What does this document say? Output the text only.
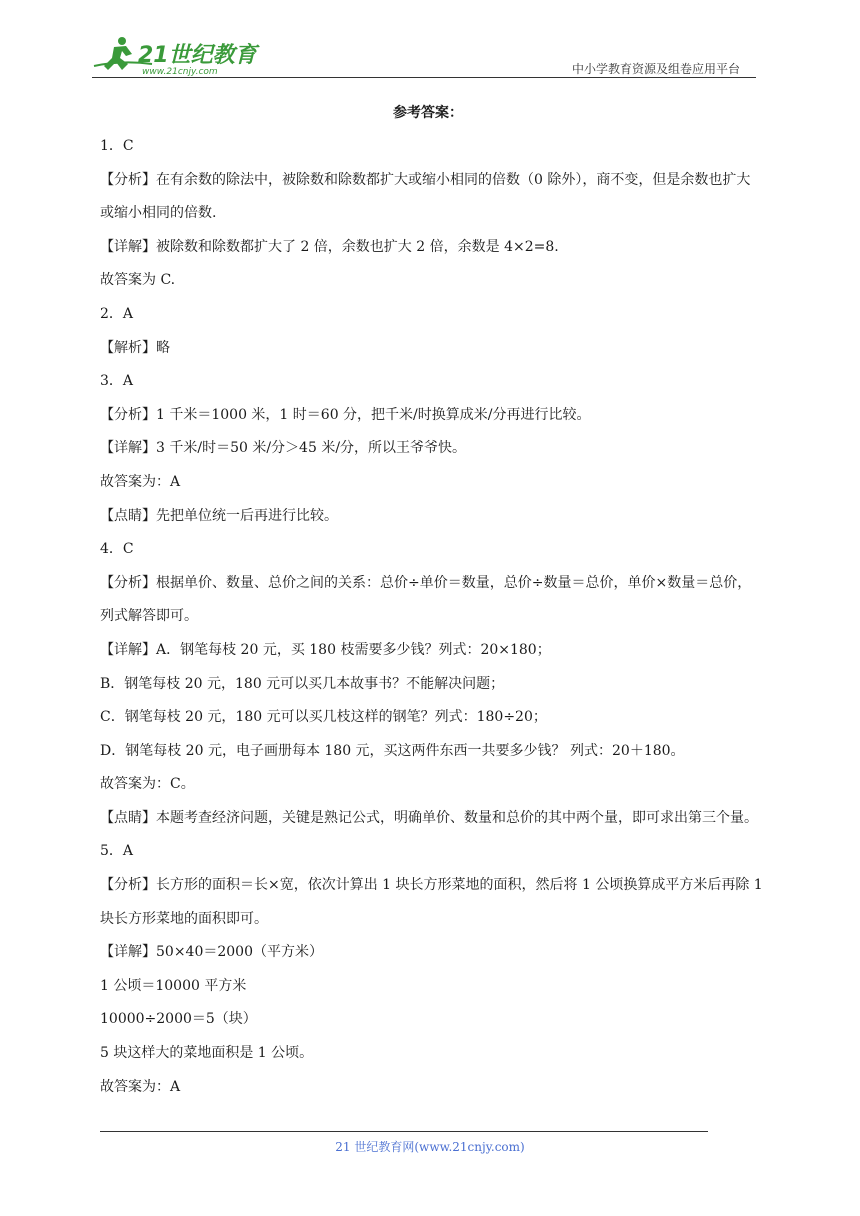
21世纪教育
www.21cnjy.com	中小学教育资源及组卷应用平台
参考答案：
1．C
【分析】在有余数的除法中，被除数和除数都扩大或缩小相同的倍数（0 除外），商不变，但是余数也扩大或缩小相同的倍数.
【详解】被除数和除数都扩大了 2 倍，余数也扩大 2 倍，余数是 4×2=8.
故答案为 C.
2．A
【解析】略
3．A
【分析】1 千米＝1000 米，1 时＝60 分，把千米/时换算成米/分再进行比较。
【详解】3 千米/时＝50 米/分＞45 米/分，所以王爷爷快。
故答案为：A
【点睛】先把单位统一后再进行比较。
4．C
【分析】根据单价、数量、总价之间的关系：总价÷单价＝数量，总价÷数量＝总价，单价×数量＝总价，列式解答即可。
【详解】A．钢笔每枝 20 元，买 180 枝需要多少钱？列式：20×180；
B．钢笔每枝 20 元，180 元可以买几本故事书？不能解决问题；
C．钢笔每枝 20 元，180 元可以买几枝这样的钢笔？列式：180÷20；
D．钢笔每枝 20 元，电子画册每本 180 元，买这两件东西一共要多少钱？ 列式：20＋180。
故答案为：C。
【点睛】本题考查经济问题，关键是熟记公式，明确单价、数量和总价的其中两个量，即可求出第三个量。
5．A
【分析】长方形的面积＝长×宽，依次计算出 1 块长方形菜地的面积，然后将 1 公顷换算成平方米后再除 1 块长方形菜地的面积即可。
【详解】50×40＝2000（平方米）
1 公顷＝10000 平方米
10000÷2000＝5（块）
5 块这样大的菜地面积是 1 公顷。
故答案为：A
21 世纪教育网(www.21cnjy.com)
